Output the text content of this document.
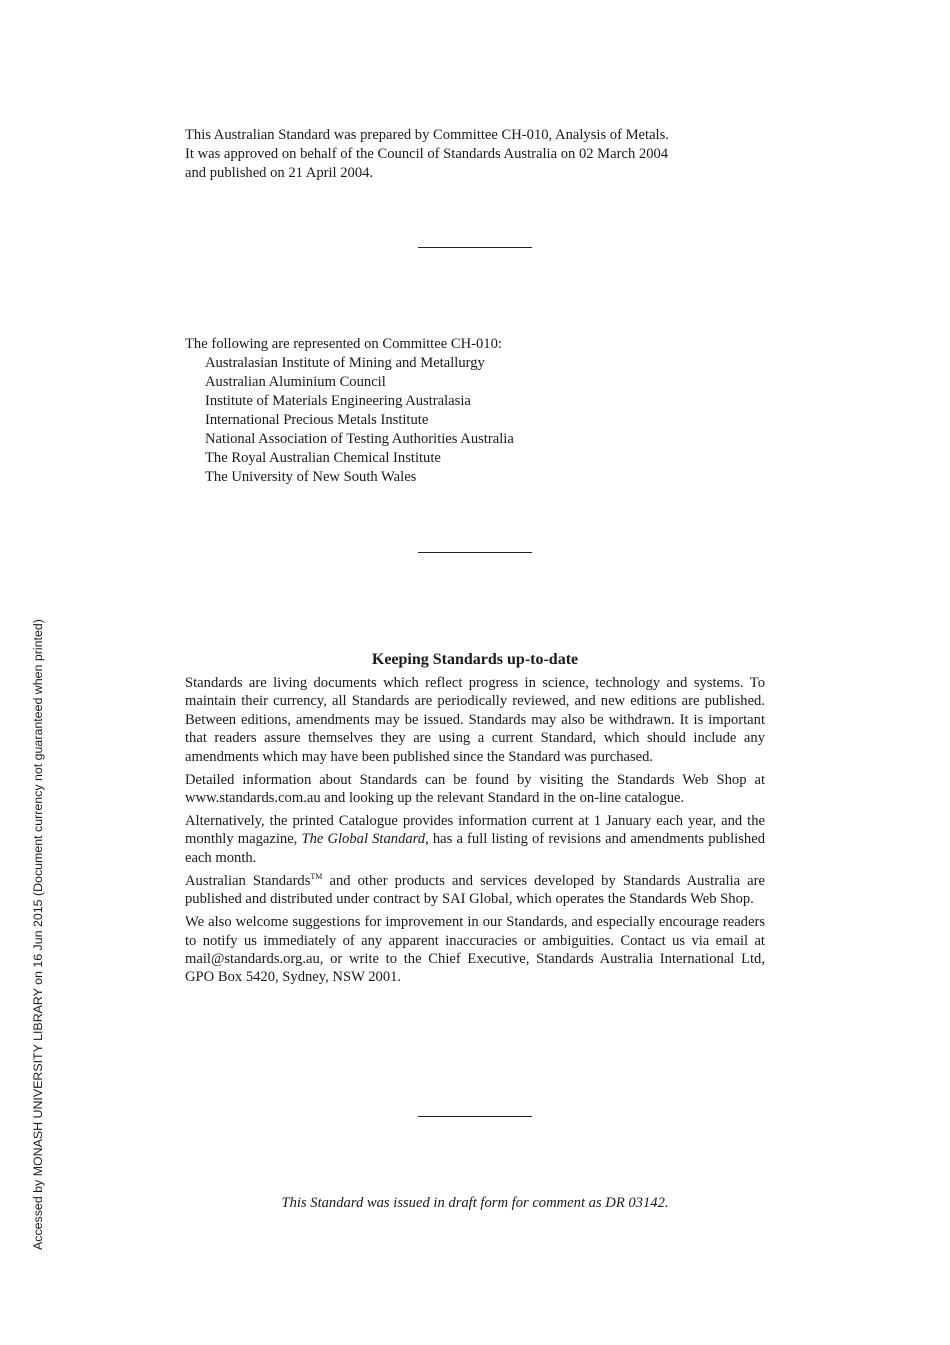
This Australian Standard was prepared by Committee CH-010, Analysis of Metals.
It was approved on behalf of the Council of Standards Australia on 02 March 2004
and published on 21 April 2004.
The following are represented on Committee CH-010:
Australasian Institute of Mining and Metallurgy
Australian Aluminium Council
Institute of Materials Engineering Australasia
International Precious Metals Institute
National Association of Testing Authorities Australia
The Royal Australian Chemical Institute
The University of New South Wales
Keeping Standards up-to-date

Standards are living documents which reflect progress in science, technology and systems. To maintain their currency, all Standards are periodically reviewed, and new editions are published. Between editions, amendments may be issued. Standards may also be withdrawn. It is important that readers assure themselves they are using a current Standard, which should include any amendments which may have been published since the Standard was purchased.

Detailed information about Standards can be found by visiting the Standards Web Shop at www.standards.com.au and looking up the relevant Standard in the on-line catalogue.

Alternatively, the printed Catalogue provides information current at 1 January each year, and the monthly magazine, The Global Standard, has a full listing of revisions and amendments published each month.

Australian Standards™ and other products and services developed by Standards Australia are published and distributed under contract by SAI Global, which operates the Standards Web Shop.

We also welcome suggestions for improvement in our Standards, and especially encourage readers to notify us immediately of any apparent inaccuracies or ambiguities. Contact us via email at mail@standards.org.au, or write to the Chief Executive, Standards Australia International Ltd, GPO Box 5420, Sydney, NSW 2001.

This Standard was issued in draft form for comment as DR 03142.
Accessed by MONASH UNIVERSITY LIBRARY on 16 Jun 2015 (Document currency not guaranteed when printed)
